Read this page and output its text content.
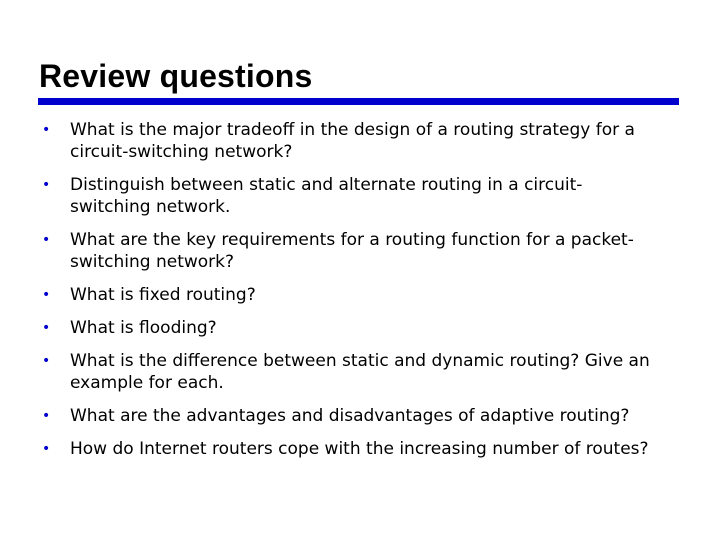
Review questions
• What is the major tradeoff in the design of a routing strategy for a
circuit-switching network?
• Distinguish between static and alternate routing in a circuit-
switching network.
• What are the key requirements for a routing function for a packet-
switching network?
• What is fixed routing?
• What is flooding?
• What is the difference between static and dynamic routing? Give an
example for each.
• What are the advantages and disadvantages of adaptive routing?
• How do Internet routers cope with the increasing number of routes?
